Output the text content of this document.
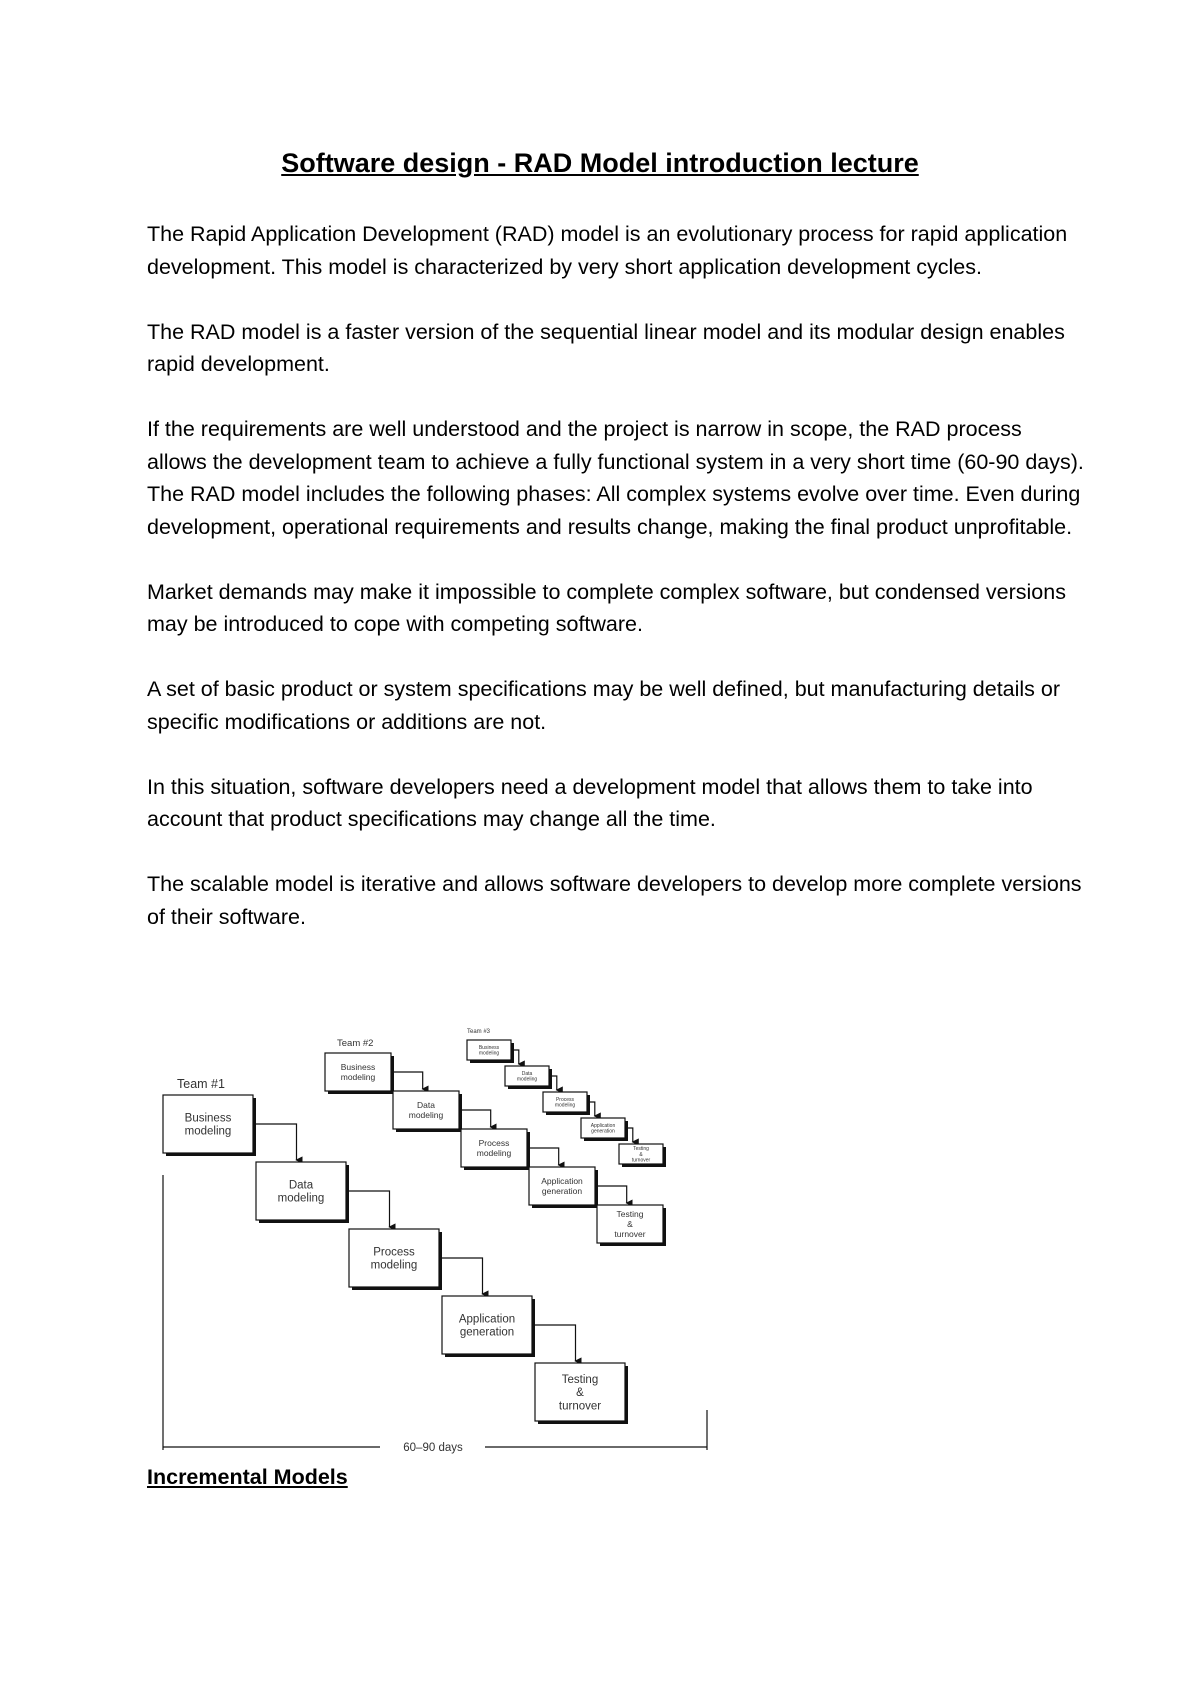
Software design - RAD Model introduction lecture

The Rapid Application Development (RAD) model is an evolutionary process for rapid application development. This model is characterized by very short application development cycles.

The RAD model is a faster version of the sequential linear model and its modular design enables rapid development.

If the requirements are well understood and the project is narrow in scope, the RAD process allows the development team to achieve a fully functional system in a very short time (60-90 days). The RAD model includes the following phases: All complex systems evolve over time. Even during development, operational requirements and results change, making the final product unprofitable.

Market demands may make it impossible to complete complex software, but condensed versions may be introduced to cope with competing software.

A set of basic product or system specifications may be well defined, but manufacturing details or specific modifications or additions are not.

In this situation, software developers need a development model that allows them to take into account that product specifications may change all the time.

The scalable model is iterative and allows software developers to develop more complete versions of their software.

Team #1
Business
modeling
Data
modeling
Process
modeling
Application
generation
Testing
&
turnover
Team #2
Business
modeling
Data
modeling
Process
modeling
Application
generation
Testing
&
turnover
Team #3
Business
modeling
Data
modeling
Process
modeling
Application
generation
Testing
&
turnover
60–90 days
Incremental Models
